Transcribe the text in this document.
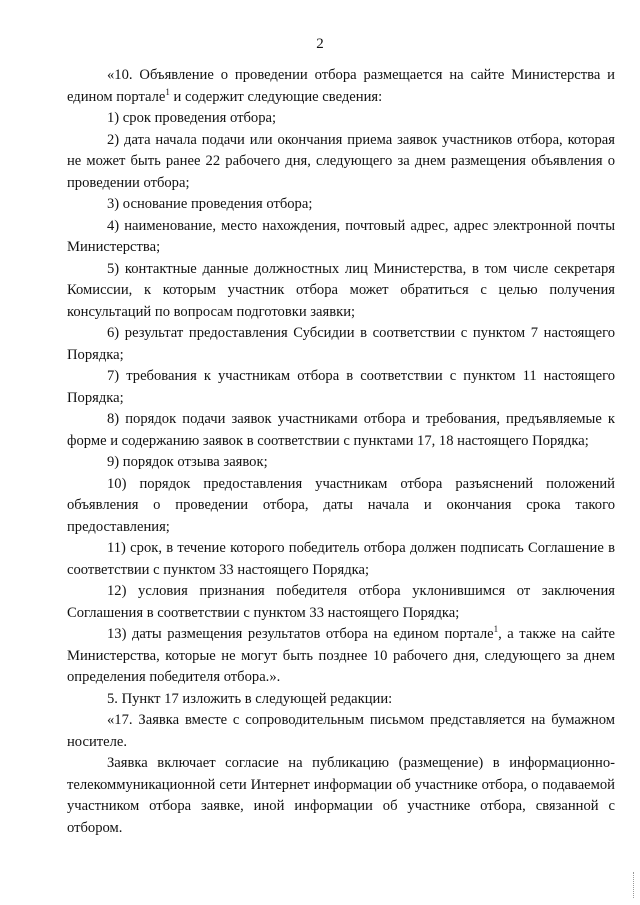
2

«10. Объявление о проведении отбора размещается на сайте Министерства и едином портале$^1$ и содержит следующие сведения:

1) срок проведения отбора;

2) дата начала подачи или окончания приема заявок участников отбора, которая не может быть ранее 22 рабочего дня, следующего за днем размещения объявления о проведении отбора;

3) основание проведения отбора;

4) наименование, место нахождения, почтовый адрес, адрес электронной почты Министерства;

5) контактные данные должностных лиц Министерства, в том числе секретаря Комиссии, к которым участник отбора может обратиться с целью получения консультаций по вопросам подготовки заявки;

6) результат предоставления Субсидии в соответствии с пунктом 7 настоящего Порядка;

7) требования к участникам отбора в соответствии с пунктом 11 настоящего Порядка;

8) порядок подачи заявок участниками отбора и требования, предъявляемые к форме и содержанию заявок в соответствии с пунктами 17, 18 настоящего Порядка;

9) порядок отзыва заявок;

10) порядок предоставления участникам отбора разъяснений положений объявления о проведении отбора, даты начала и окончания срока такого предоставления;

11) срок, в течение которого победитель отбора должен подписать Соглашение в соответствии с пунктом 33 настоящего Порядка;

12) условия признания победителя отбора уклонившимся от заключения Соглашения в соответствии с пунктом 33 настоящего Порядка;

13) даты размещения результатов отбора на едином портале$^1$, а также на сайте Министерства, которые не могут быть позднее 10 рабочего дня, следующего за днем определения победителя отбора.».

5. Пункт 17 изложить в следующей редакции:

«17. Заявка вместе с сопроводительным письмом представляется на бумажном носителе.

Заявка включает согласие на публикацию (размещение) в информационно-телекоммуникационной сети Интернет информации об участнике отбора, о подаваемой участником отбора заявке, иной информации об участнике отбора, связанной с отбором.
